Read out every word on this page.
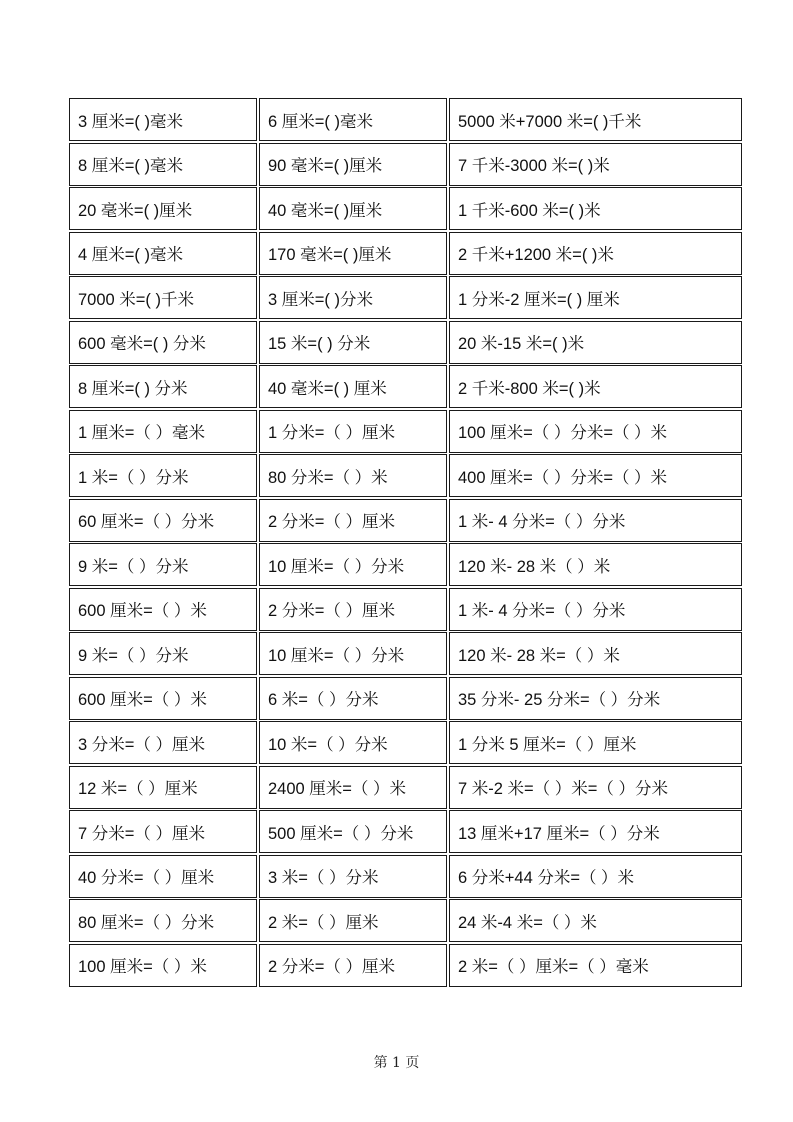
3 厘米=( )毫米	6 厘米=( )毫米	5000 米+7000 米=( )千米
8 厘米=( )毫米	90 毫米=( )厘米	7 千米-3000 米=( )米
20 毫米=( )厘米	40 毫米=( )厘米	1 千米-600 米=( )米
4 厘米=( )毫米	170 毫米=( )厘米	2 千米+1200 米=( )米
7000 米=( )千米	3 厘米=( )分米	1 分米-2 厘米=( ) 厘米
600 毫米=( ) 分米	15 米=( ) 分米	20 米-15 米=( )米
8 厘米=( ) 分米	40 毫米=( ) 厘米	2 千米-800 米=( )米
1 厘米=（ ）毫米	1 分米=（ ）厘米	100 厘米=（ ）分米=（ ）米
1 米=（ ）分米	80 分米=（ ）米	400 厘米=（ ）分米=（ ）米
60 厘米=（ ）分米	2 分米=（ ）厘米	1 米- 4 分米=（ ）分米
9 米=（ ）分米	10 厘米=（ ）分米	120 米- 28 米（ ）米
600 厘米=（ ）米	2 分米=（ ）厘米	1 米- 4 分米=（ ）分米
9 米=（ ）分米	10 厘米=（ ）分米	120 米- 28 米=（ ）米
600 厘米=（ ）米	6 米=（ ）分米	35 分米- 25 分米=（ ）分米
3 分米=（ ）厘米	10 米=（ ）分米	1 分米 5 厘米=（ ）厘米
12 米=（ ）厘米	2400 厘米=（ ）米	7 米-2 米=（ ）米=（ ）分米
7 分米=（ ）厘米	500 厘米=（ ）分米	13 厘米+17 厘米=（ ）分米
40 分米=（ ）厘米	3 米=（ ）分米	6 分米+44 分米=（ ）米
80 厘米=（ ）分米	2 米=（ ）厘米	24 米-4 米=（ ）米
100 厘米=（ ）米	2 分米=（ ）厘米	2 米=（ ）厘米=（ ）毫米
第 1 页
